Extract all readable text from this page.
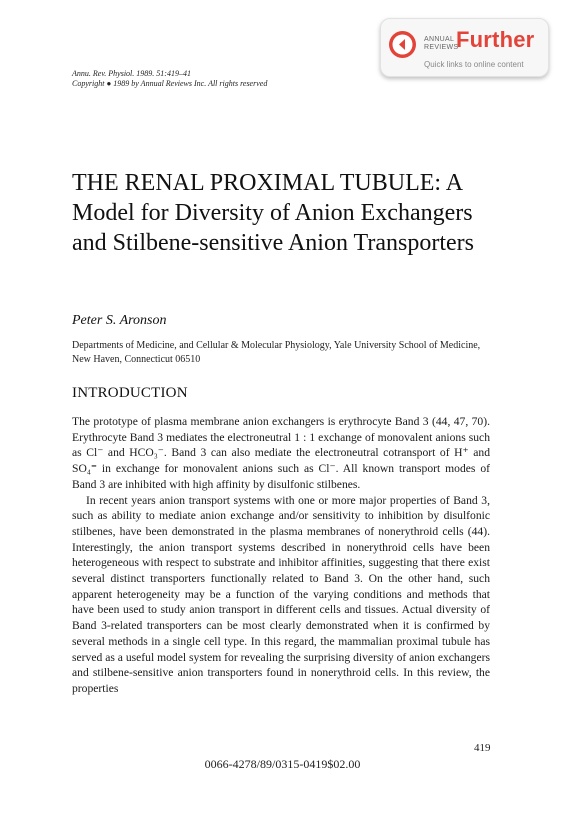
ANNUAL
REVIEWS
Further
Quick links to online content
Annu. Rev. Physiol. 1989. 51:419–41
Copyright ● 1989 by Annual Reviews Inc. All rights reserved
THE RENAL PROXIMAL TUBULE: A Model for Diversity of Anion Exchangers and Stilbene-sensitive Anion Transporters
Peter S. Aronson
Departments of Medicine, and Cellular & Molecular Physiology, Yale University School of Medicine, New Haven, Connecticut 06510
INTRODUCTION

The prototype of plasma membrane anion exchangers is erythrocyte Band 3 (44, 47, 70). Erythrocyte Band 3 mediates the electroneutral 1 : 1 exchange of monovalent anions such as Cl⁻ and HCO₃⁻. Band 3 can also mediate the electroneutral cotransport of H⁺ and SO₄⁼ in exchange for monovalent anions such as Cl⁻. All known transport modes of Band 3 are inhibited with high affinity by disulfonic stilbenes.

In recent years anion transport systems with one or more major properties of Band 3, such as ability to mediate anion exchange and/or sensitivity to inhibition by disulfonic stilbenes, have been demonstrated in the plasma membranes of nonerythroid cells (44). Interestingly, the anion transport systems described in nonerythroid cells have been heterogeneous with respect to substrate and inhibitor affinities, suggesting that there exist several distinct transporters functionally related to Band 3. On the other hand, such apparent heterogeneity may be a function of the varying conditions and methods that have been used to study anion transport in different cells and tissues. Actual diversity of Band 3-related transporters can be most clearly demonstrated when it is confirmed by several methods in a single cell type. In this regard, the mammalian proximal tubule has served as a useful model system for revealing the surprising diversity of anion exchangers and stilbene-sensitive anion transporters found in nonerythroid cells. In this review, the properties

419
0066-4278/89/0315-0419$02.00
